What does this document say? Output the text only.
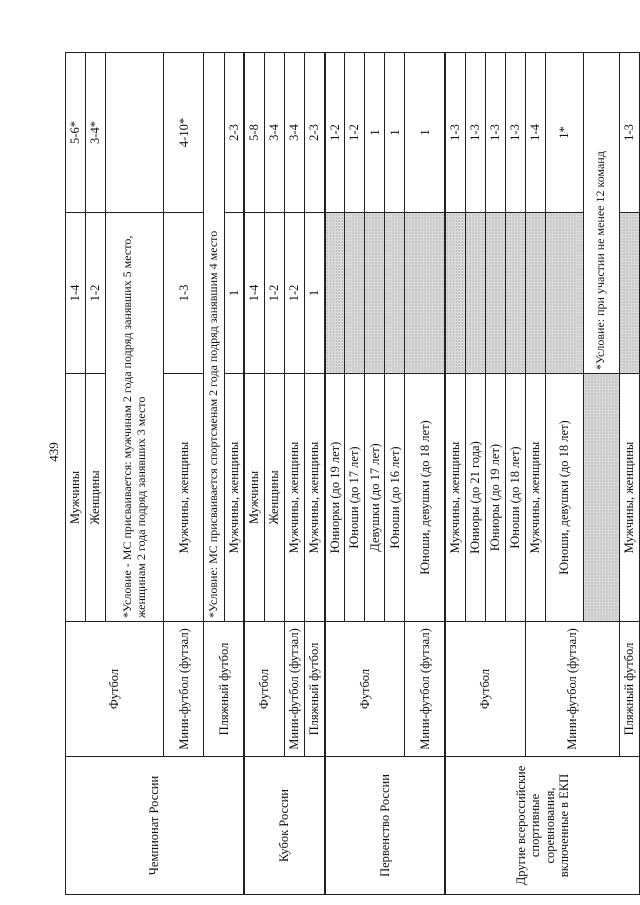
439
Чемпионат России	Футбол	Мужчины	1-4	5-6*
		Женщины	1-2	3-4*
		*Условие - МС присваивается: мужчинам 2 года подряд занявших 5 место, женщинам 2 года подряд занявших 3 место		
	Мини-футбол (футзал)	Мужчины, женщины	1-3	4-10*
	Пляжный футбол	*Условие: МС присваивается спортсменам 2 года подряд занявшим 4 место		
		Мужчины, женщины	1	2-3
Кубок России	Футбол	Мужчины	1-4	5-8
		Женщины	1-2	3-4
	Мини-футбол (футзал)	Мужчины, женщины	1-2	3-4
	Пляжный футбол	Мужчины, женщины	1	2-3
Первенство России	Футбол	Юниорки (до 19 лет)		1-2
		Юноши (до 17 лет)		1-2
		Девушки (до 17 лет)		1
		Юноши (до 16 лет)		1
	Мини-футбол (футзал)	Юноши, девушки (до 18 лет)		1
Другие всероссийские спортивные соревнования, включенные в ЕКП	Футбол	Мужчины, женщины		1-3
		Юниоры (до 21 года)		1-3
		Юниоры (до 19 лет)		1-3
		Юноши (до 18 лет)		1-3
	Мини-футбол (футзал)	Мужчины, женщины		1-4
		Юноши, девушки (до 18 лет)		1*
			*Условие: при участии не менее 12 команд	
	Пляжный футбол	Мужчины, женщины		1-3
